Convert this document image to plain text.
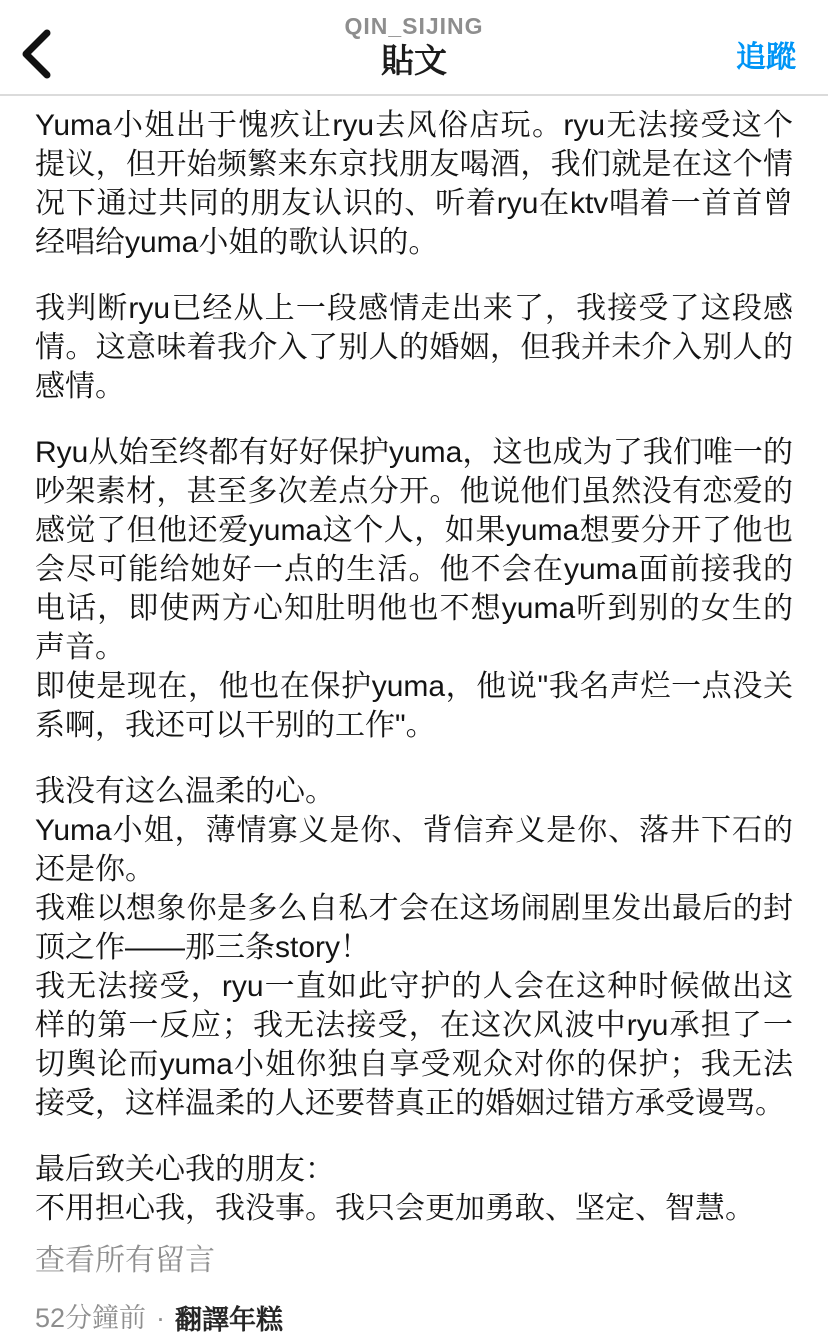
QIN_SIJING
貼文	追蹤

Yuma小姐出于愧疚让ryu去风俗店玩。ryu无法接受这个提议，但开始频繁来东京找朋友喝酒，我们就是在这个情况下通过共同的朋友认识的、听着ryu在ktv唱着一首首曾经唱给yuma小姐的歌认识的。

我判断ryu已经从上一段感情走出来了，我接受了这段感情。这意味着我介入了别人的婚姻，但我并未介入别人的感情。

Ryu从始至终都有好好保护yuma，这也成为了我们唯一的吵架素材，甚至多次差点分开。他说他们虽然没有恋爱的感觉了但他还爱yuma这个人，如果yuma想要分开了他也会尽可能给她好一点的生活。他不会在yuma面前接我的电话，即使两方心知肚明他也不想yuma听到别的女生的声音。

即使是现在，他也在保护yuma，他说"我名声烂一点没关系啊，我还可以干别的工作"。

我没有这么温柔的心。

Yuma小姐，薄情寡义是你、背信弃义是你、落井下石的还是你。

我难以想象你是多么自私才会在这场闹剧里发出最后的封顶之作——那三条story！

我无法接受，ryu一直如此守护的人会在这种时候做出这样的第一反应；我无法接受，在这次风波中ryu承担了一切舆论而yuma小姐你独自享受观众对你的保护；我无法接受，这样温柔的人还要替真正的婚姻过错方承受谩骂。

最后致关心我的朋友：

不用担心我，我没事。我只会更加勇敢、坚定、智慧。

查看所有留言
52分鐘前 · 翻譯年糕
